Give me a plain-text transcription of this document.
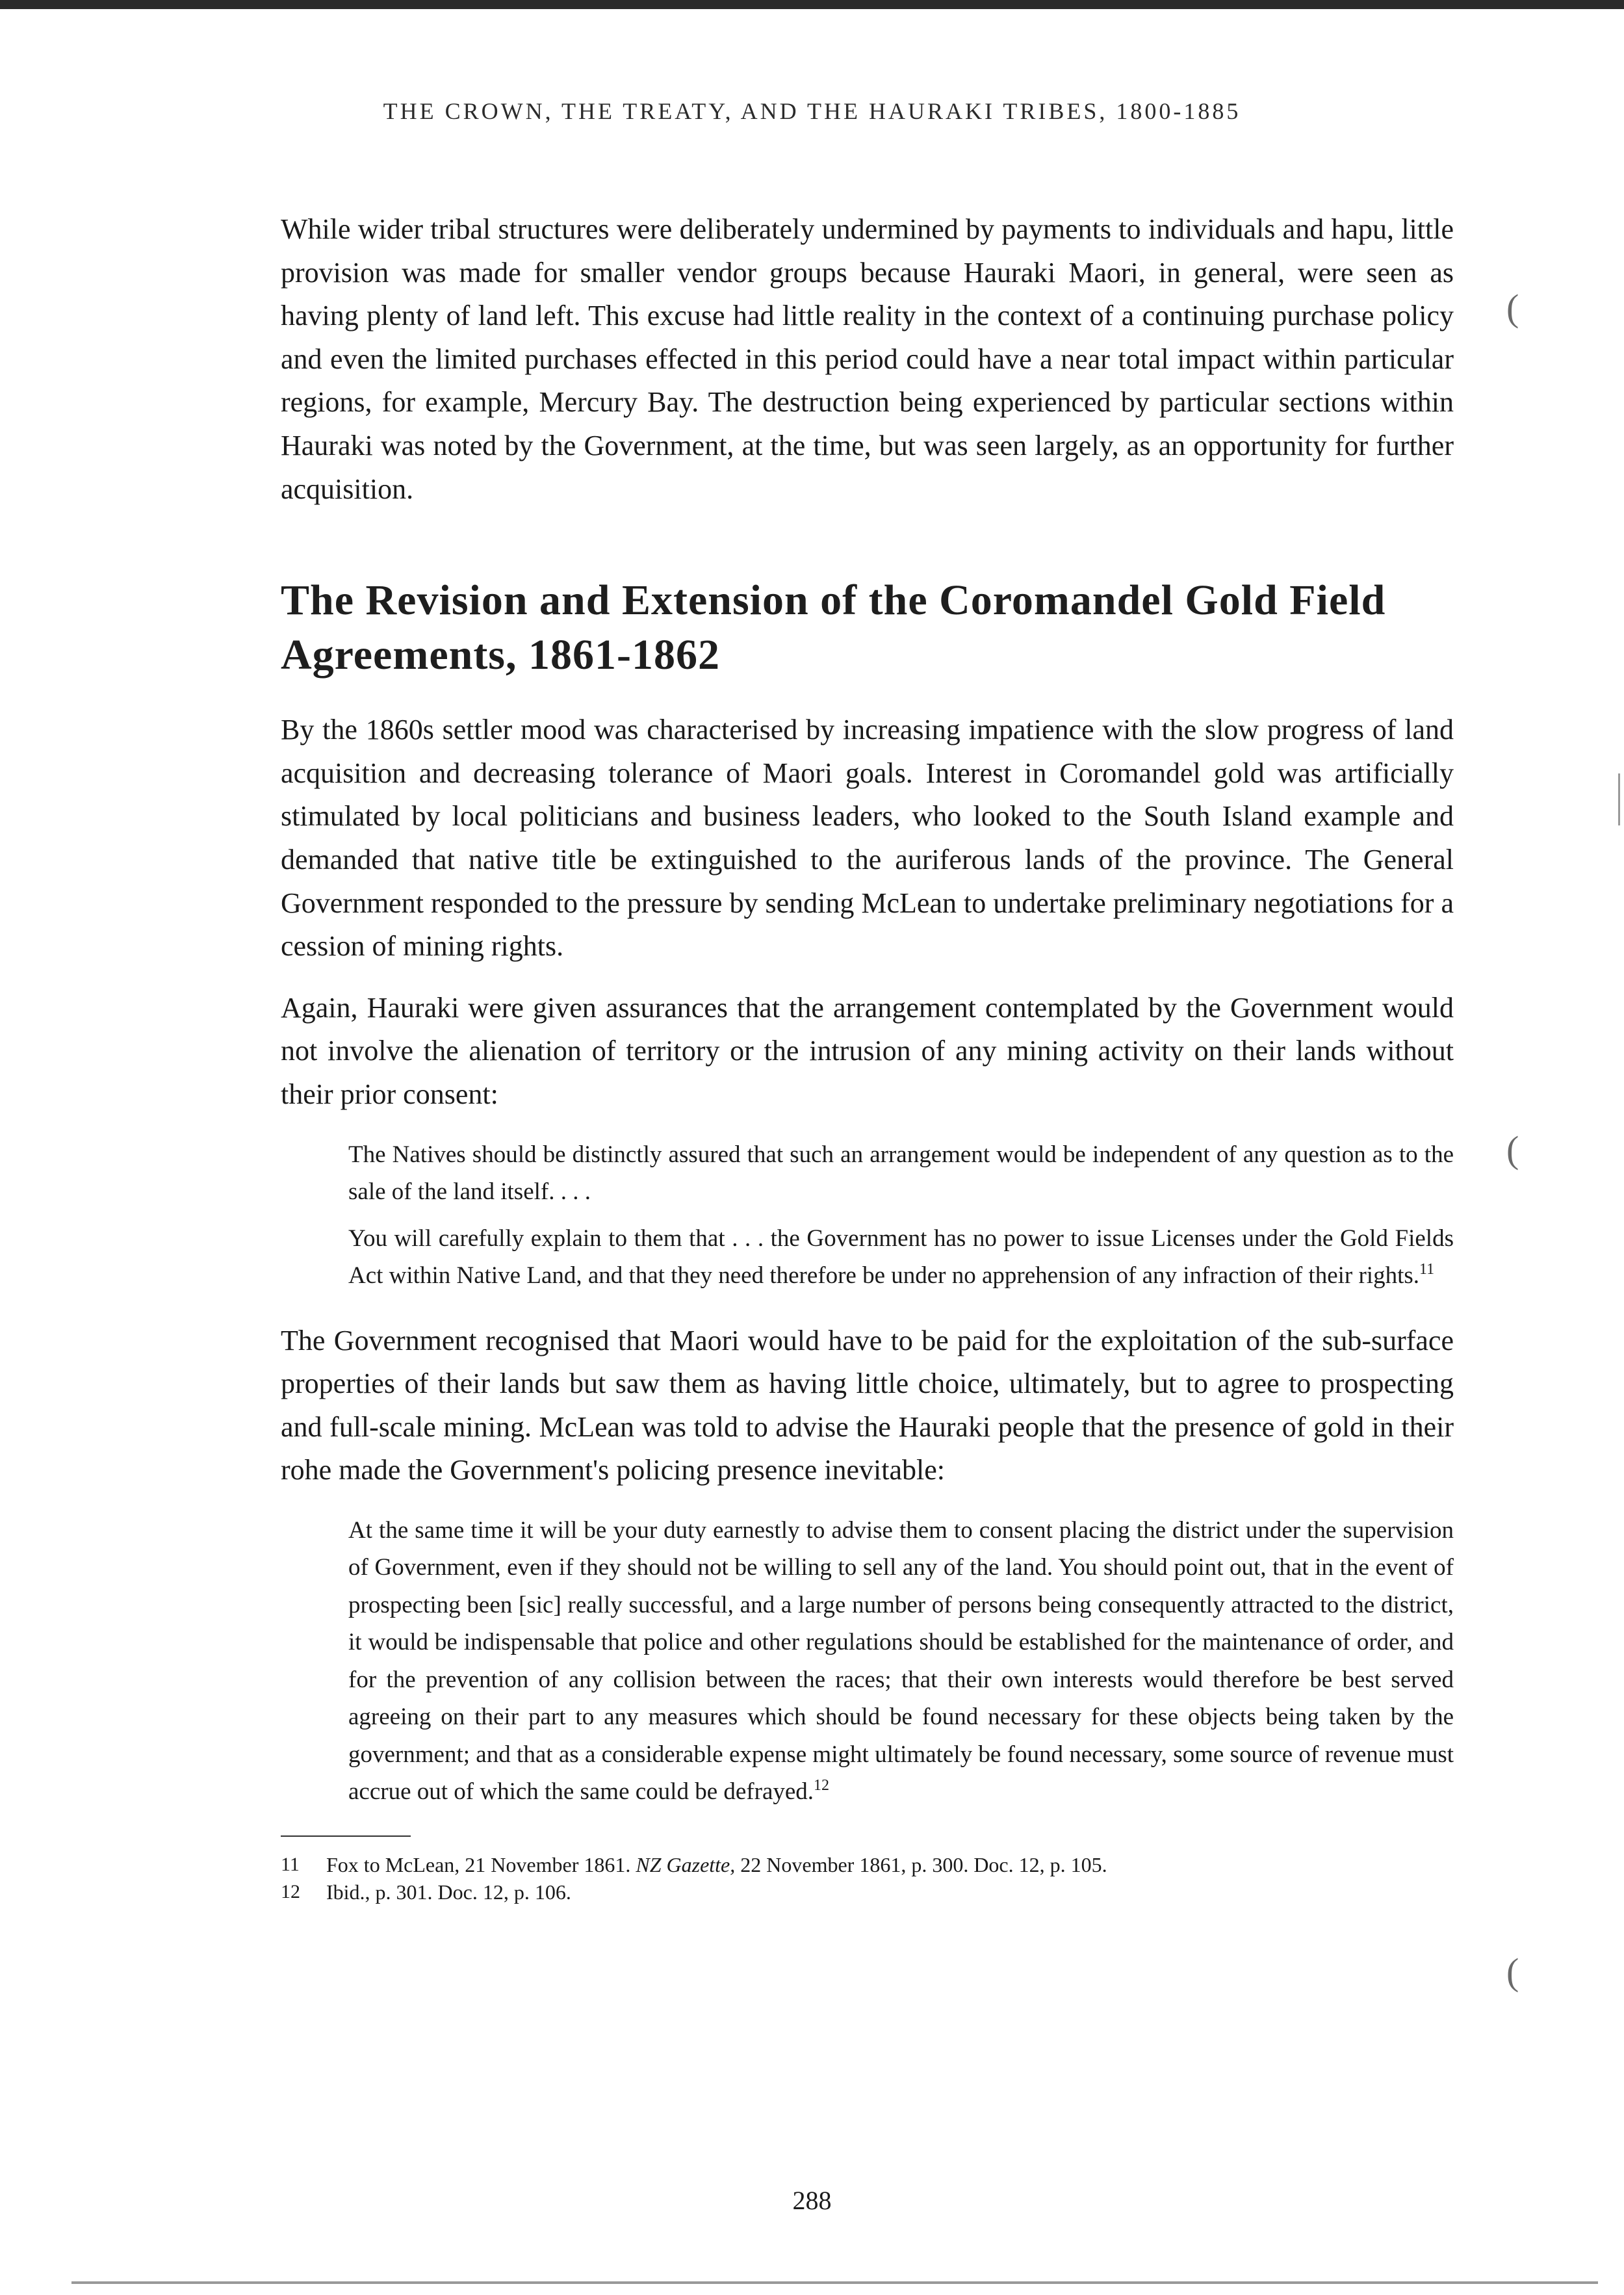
THE CROWN, THE TREATY, AND THE HAURAKI TRIBES, 1800-1885

While wider tribal structures were deliberately undermined by payments to individuals and hapu, little provision was made for smaller vendor groups because Hauraki Maori, in general, were seen as having plenty of land left. This excuse had little reality in the context of a continuing purchase policy and even the limited purchases effected in this period could have a near total impact within particular regions, for example, Mercury Bay. The destruction being experienced by particular sections within Hauraki was noted by the Government, at the time, but was seen largely, as an opportunity for further acquisition.

The Revision and Extension of the Coromandel Gold Field Agreements, 1861-1862

By the 1860s settler mood was characterised by increasing impatience with the slow progress of land acquisition and decreasing tolerance of Maori goals. Interest in Coromandel gold was artificially stimulated by local politicians and business leaders, who looked to the South Island example and demanded that native title be extinguished to the auriferous lands of the province. The General Government responded to the pressure by sending McLean to undertake preliminary negotiations for a cession of mining rights.

Again, Hauraki were given assurances that the arrangement contemplated by the Government would not involve the alienation of territory or the intrusion of any mining activity on their lands without their prior consent:

The Natives should be distinctly assured that such an arrangement would be independent of any question as to the sale of the land itself. . . .

You will carefully explain to them that . . . the Government has no power to issue Licenses under the Gold Fields Act within Native Land, and that they need therefore be under no apprehension of any infraction of their rights.$^{11}$

The Government recognised that Maori would have to be paid for the exploitation of the sub-surface properties of their lands but saw them as having little choice, ultimately, but to agree to prospecting and full-scale mining. McLean was told to advise the Hauraki people that the presence of gold in their rohe made the Government's policing presence inevitable:

At the same time it will be your duty earnestly to advise them to consent placing the district under the supervision of Government, even if they should not be willing to sell any of the land. You should point out, that in the event of prospecting been [sic] really successful, and a large number of persons being consequently attracted to the district, it would be indispensable that police and other regulations should be established for the maintenance of order, and for the prevention of any collision between the races; that their own interests would therefore be best served agreeing on their part to any measures which should be found necessary for these objects being taken by the government; and that as a considerable expense might ultimately be found necessary, some source of revenue must accrue out of which the same could be defrayed.$^{12}$

11	Fox to McLean, 21 November 1861. NZ Gazette, 22 November 1861, p. 300. Doc. 12, p. 105.
12	Ibid., p. 301. Doc. 12, p. 106.
288
(
(
(
